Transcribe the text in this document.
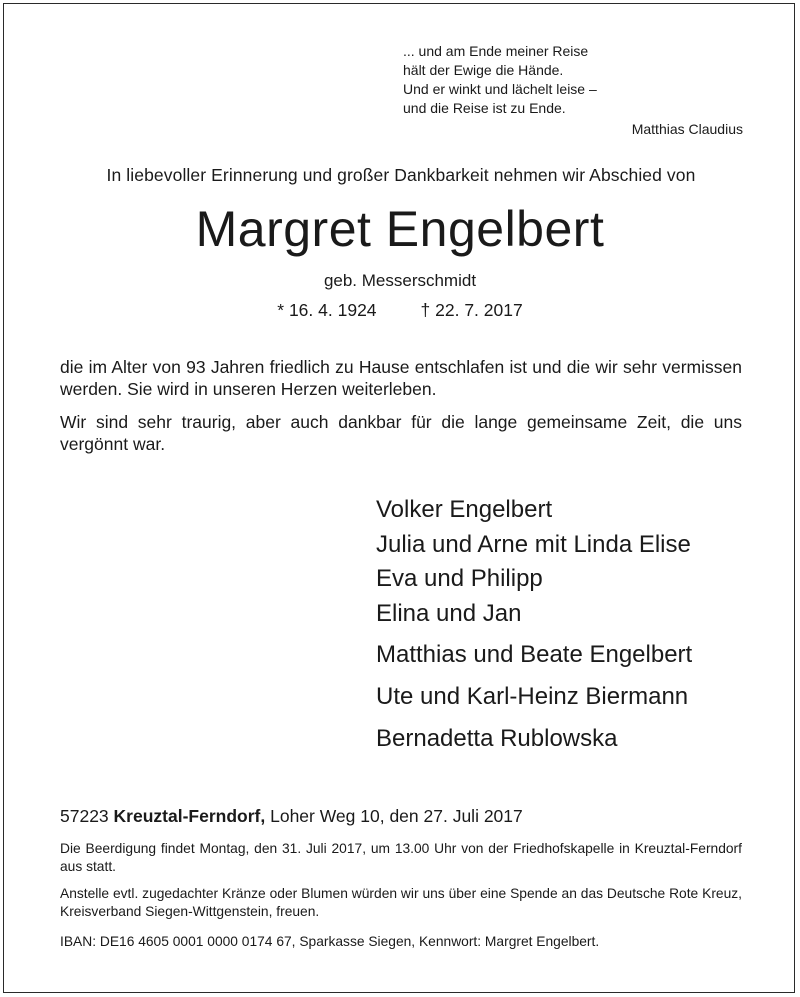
... und am Ende meiner Reise
hält der Ewige die Hände.
Und er winkt und lächelt leise –
und die Reise ist zu Ende.
Matthias Claudius
In liebevoller Erinnerung und großer Dankbarkeit nehmen wir Abschied von
Margret Engelbert
geb. Messerschmidt
* 16. 4. 1924	† 22. 7. 2017
die im Alter von 93 Jahren friedlich zu Hause entschlafen ist und die wir sehr vermissen werden. Sie wird in unseren Herzen weiterleben.
Wir sind sehr traurig, aber auch dankbar für die lange gemeinsame Zeit, die uns vergönnt war.
Volker Engelbert
Julia und Arne mit Linda Elise
Eva und Philipp
Elina und Jan
Matthias und Beate Engelbert
Ute und Karl-Heinz Biermann
Bernadetta Rublowska
57223 Kreuztal-Ferndorf, Loher Weg 10, den 27. Juli 2017
Die Beerdigung findet Montag, den 31. Juli 2017, um 13.00 Uhr von der Friedhofskapelle in Kreuztal-Ferndorf aus statt.
Anstelle evtl. zugedachter Kränze oder Blumen würden wir uns über eine Spende an das Deutsche Rote Kreuz, Kreisverband Siegen-Wittgenstein, freuen.
IBAN: DE16 4605 0001 0000 0174 67, Sparkasse Siegen, Kennwort: Margret Engelbert.
